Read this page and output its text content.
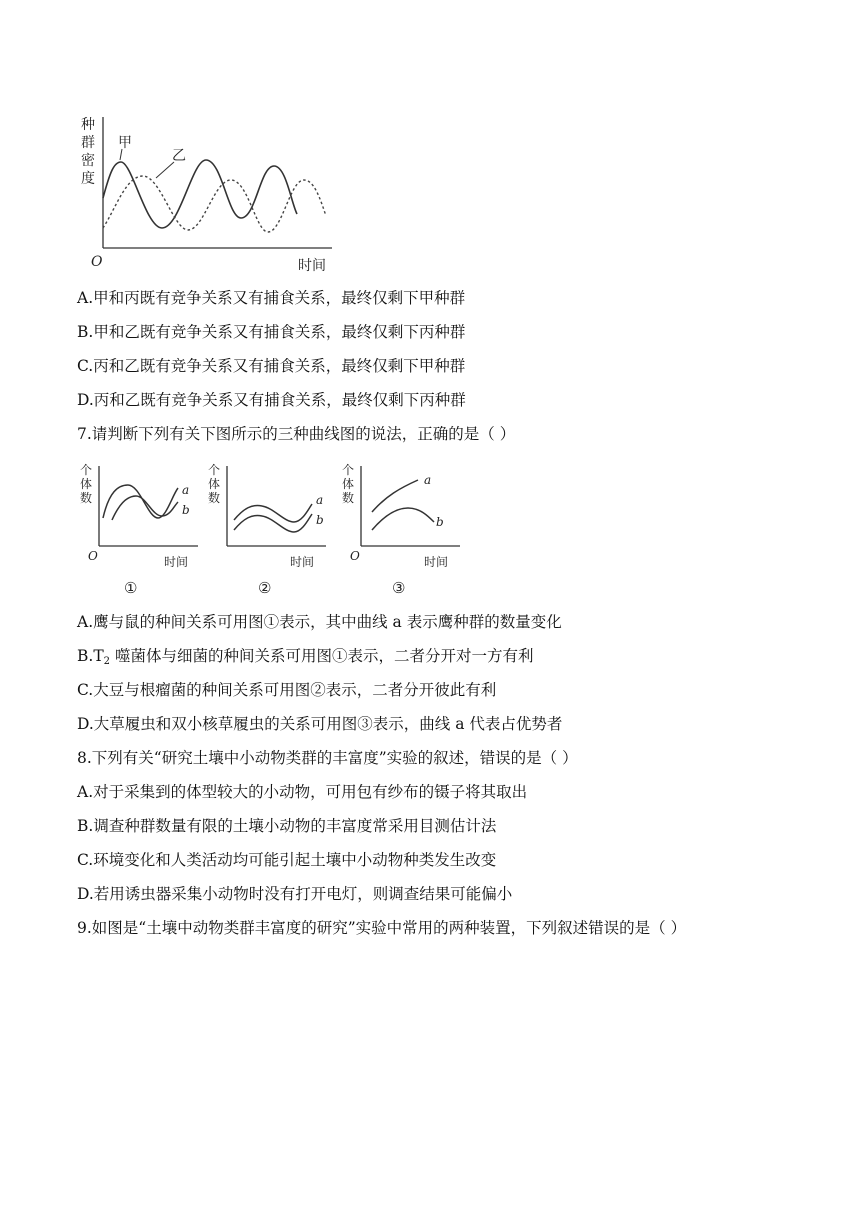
种
群
密
度
O	时间
甲
乙
A.甲和丙既有竞争关系又有捕食关系，最终仅剩下甲种群
B.甲和乙既有竞争关系又有捕食关系，最终仅剩下丙种群
C.丙和乙既有竞争关系又有捕食关系，最终仅剩下甲种群
D.丙和乙既有竞争关系又有捕食关系，最终仅剩下丙种群
7.请判断下列有关下图所示的三种曲线图的说法，正确的是（ ）
个
体
数
O	时间
a
b
①
个
体
数
时间
a
b
②
个
体
数
O	时间
a
b
③
A.鹰与鼠的种间关系可用图①表示，其中曲线 a 表示鹰种群的数量变化
$B.T_2$ 噬菌体与细菌的种间关系可用图①表示，二者分开对一方有利
C.大豆与根瘤菌的种间关系可用图②表示，二者分开彼此有利
D.大草履虫和双小核草履虫的关系可用图③表示，曲线 a 代表占优势者
8.下列有关“研究土壤中小动物类群的丰富度”实验的叙述，错误的是（ ）
A.对于采集到的体型较大的小动物，可用包有纱布的镊子将其取出
B.调查种群数量有限的土壤小动物的丰富度常采用目测估计法
C.环境变化和人类活动均可能引起土壤中小动物种类发生改变
D.若用诱虫器采集小动物时没有打开电灯，则调查结果可能偏小
9.如图是“土壤中动物类群丰富度的研究”实验中常用的两种装置，下列叙述错误的是（ ）
